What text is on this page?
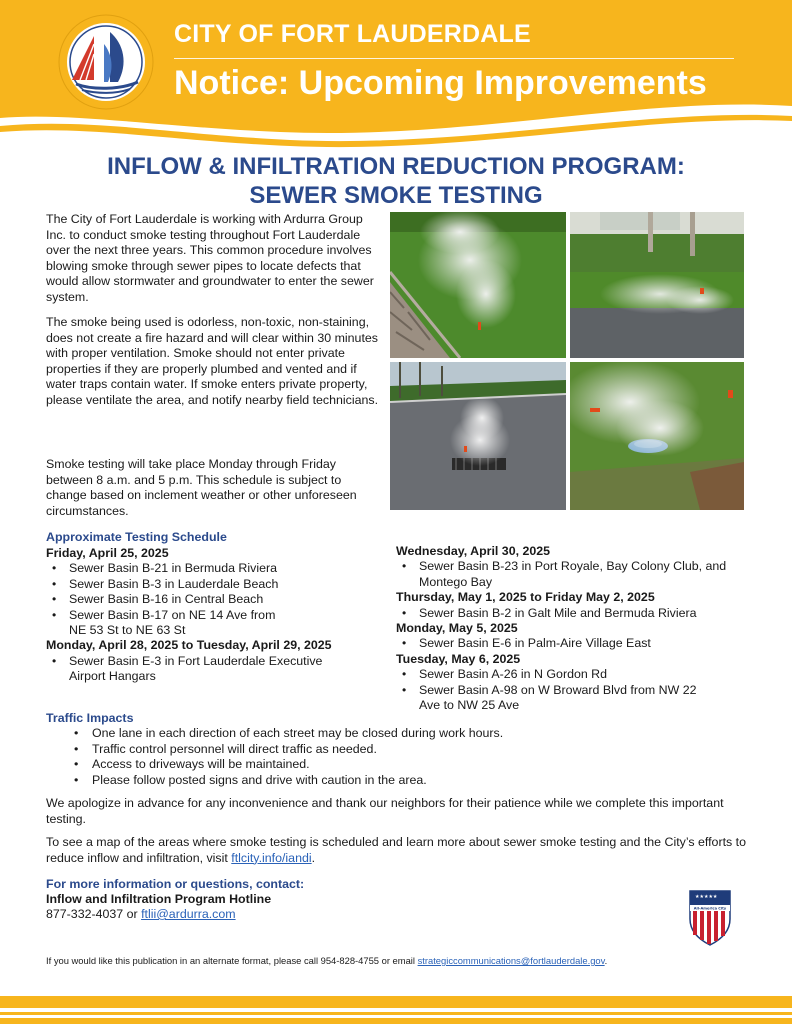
CITY OF FORT LAUDERDALE
Notice: Upcoming Improvements
INFLOW & INFILTRATION REDUCTION PROGRAM:
SEWER SMOKE TESTING

The City of Fort Lauderdale is working with Ardurra Group Inc. to conduct smoke testing throughout Fort Lauderdale over the next three years. This common procedure involves blowing smoke through sewer pipes to locate defects that would allow stormwater and groundwater to enter the sewer system.

The smoke being used is odorless, non-toxic, non-staining, does not create a fire hazard and will clear within 30 minutes with proper ventilation. Smoke should not enter private properties if they are properly plumbed and vented and if water traps contain water. If smoke enters private property, please ventilate the area, and notify nearby field technicians.

Smoke testing will take place Monday through Friday between 8 a.m. and 5 p.m. This schedule is subject to change based on inclement weather or other unforeseen circumstances.

Approximate Testing Schedule
Friday, April 25, 2025
• Sewer Basin B-21 in Bermuda Riviera
• Sewer Basin B-3 in Lauderdale Beach
• Sewer Basin B-16 in Central Beach
• Sewer Basin B-17 on NE 14 Ave from NE 53 St to NE 63 St
Monday, April 28, 2025 to Tuesday, April 29, 2025
• Sewer Basin E-3 in Fort Lauderdale Executive Airport Hangars
Wednesday, April 30, 2025
• Sewer Basin B-23 in Port Royale, Bay Colony Club, and Montego Bay
Thursday, May 1, 2025 to Friday May 2, 2025
• Sewer Basin B-2 in Galt Mile and Bermuda Riviera
Monday, May 5, 2025
• Sewer Basin E-6 in Palm-Aire Village East
Tuesday, May 6, 2025
• Sewer Basin A-26 in N Gordon Rd
• Sewer Basin A-98 on W Broward Blvd from NW 22 Ave to NW 25 Ave
Traffic Impacts
• One lane in each direction of each street may be closed during work hours.
• Traffic control personnel will direct traffic as needed.
• Access to driveways will be maintained.
• Please follow posted signs and drive with caution in the area.

We apologize in advance for any inconvenience and thank our neighbors for their patience while we complete this important testing.

To see a map of the areas where smoke testing is scheduled and learn more about sewer smoke testing and the City’s efforts to reduce inflow and infiltration, visit ftlcity.info/iandi.

For more information or questions, contact:
Inflow and Infiltration Program Hotline
877-332-4037 or ftlii@ardurra.com
★★★★★
All-America City

If you would like this publication in an alternate format, please call 954-828-4755 or email strategiccommunications@fortlauderdale.gov.
